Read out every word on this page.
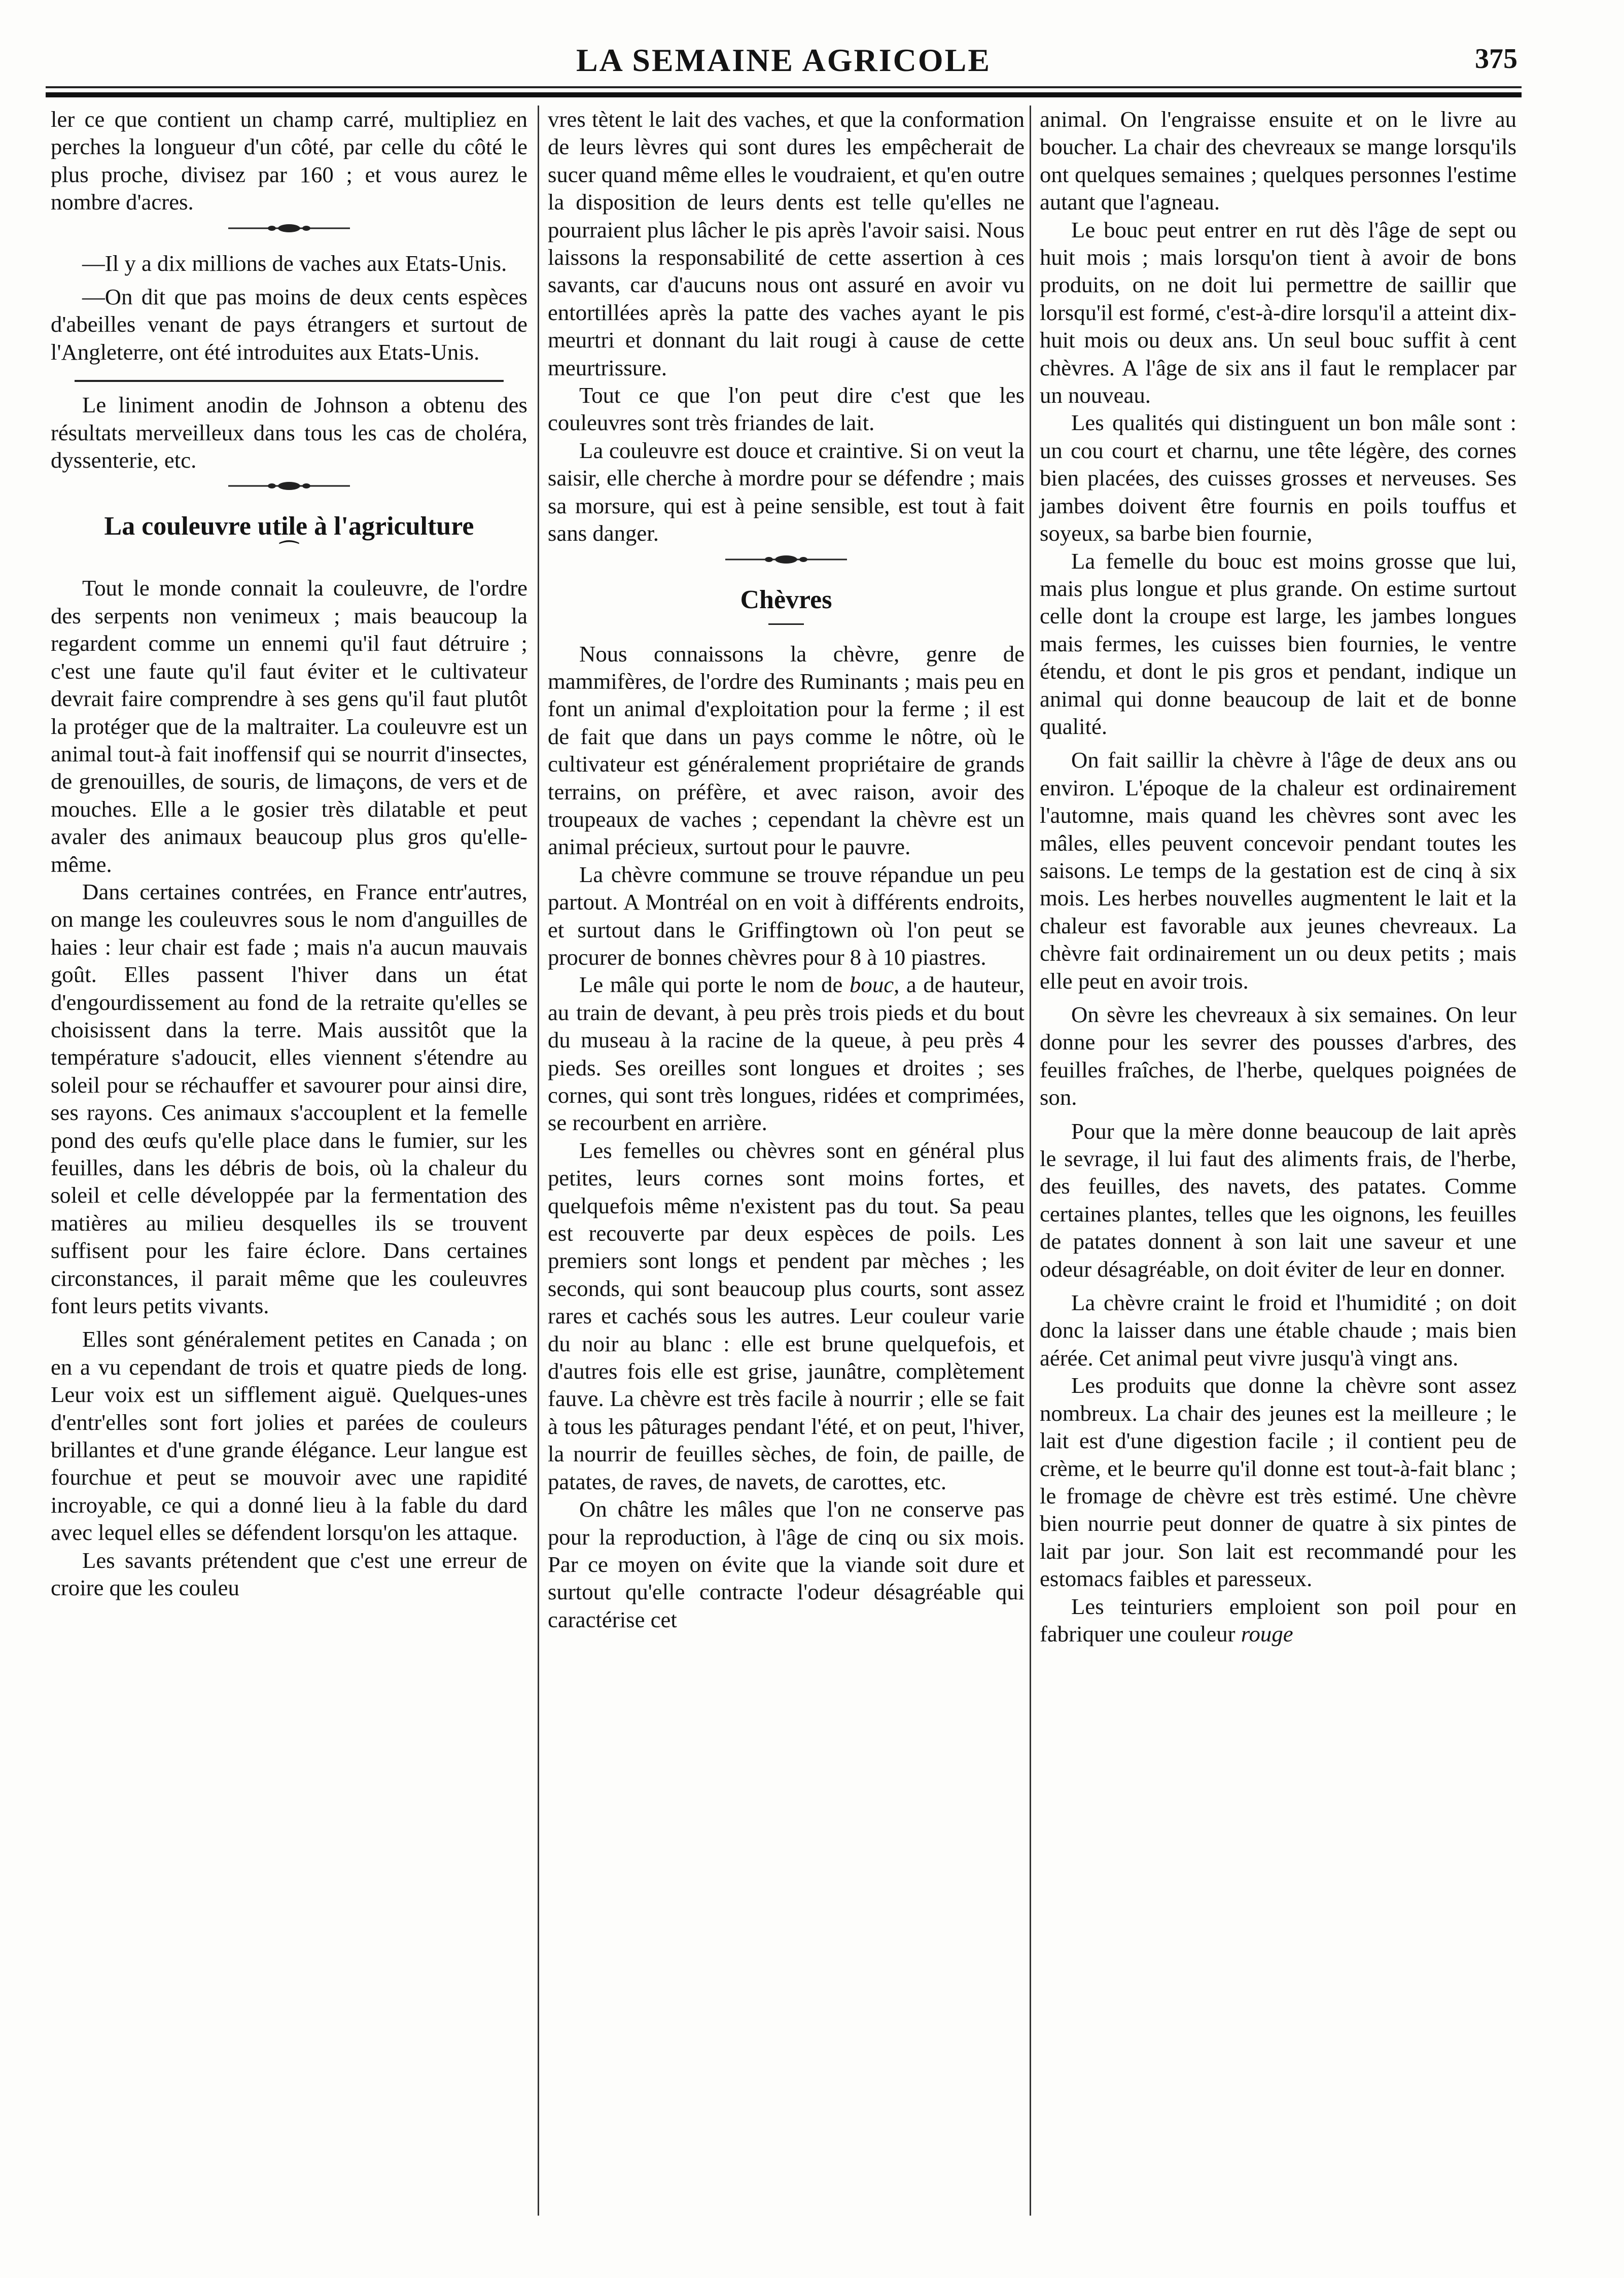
LA SEMAINE AGRICOLE	375

ler ce que contient un champ carré, multipliez en perches la longueur d'un côté, par celle du côté le plus proche, divisez par 160 ; et vous aurez le nombre d'acres.

—Il y a dix millions de vaches aux Etats-Unis.

—On dit que pas moins de deux cents espèces d'abeilles venant de pays étrangers et surtout de l'Angleterre, ont été introduites aux Etats-Unis.

Le liniment anodin de Johnson a obtenu des résultats merveilleux dans tous les cas de choléra, dyssenterie, etc.

La couleuvre utile à l'agriculture
⁀

Tout le monde connait la couleuvre, de l'ordre des serpents non venimeux ; mais beaucoup la regardent comme un ennemi qu'il faut détruire ; c'est une faute qu'il faut éviter et le cultivateur devrait faire comprendre à ses gens qu'il faut plutôt la protéger que de la maltraiter. La couleuvre est un animal tout-à fait inoffensif qui se nourrit d'insectes, de grenouilles, de souris, de limaçons, de vers et de mouches. Elle a le gosier très dilatable et peut avaler des animaux beaucoup plus gros qu'elle-même.

Dans certaines contrées, en France entr'autres, on mange les couleuvres sous le nom d'anguilles de haies : leur chair est fade ; mais n'a aucun mauvais goût. Elles passent l'hiver dans un état d'engourdissement au fond de la retraite qu'elles se choisissent dans la terre. Mais aussitôt que la température s'adoucit, elles viennent s'étendre au soleil pour se réchauffer et savourer pour ainsi dire, ses rayons. Ces animaux s'accouplent et la femelle pond des œufs qu'elle place dans le fumier, sur les feuilles, dans les débris de bois, où la chaleur du soleil et celle développée par la fermentation des matières au milieu desquelles ils se trouvent suffisent pour les faire éclore. Dans certaines circonstances, il parait même que les couleuvres font leurs petits vivants.

Elles sont généralement petites en Canada ; on en a vu cependant de trois et quatre pieds de long. Leur voix est un sifflement aiguë. Quelques-unes d'entr'elles sont fort jolies et parées de couleurs brillantes et d'une grande élégance. Leur langue est fourchue et peut se mouvoir avec une rapidité incroyable, ce qui a donné lieu à la fable du dard avec lequel elles se défendent lorsqu'on les attaque.

Les savants prétendent que c'est une erreur de croire que les couleu

vres tètent le lait des vaches, et que la conformation de leurs lèvres qui sont dures les empêcherait de sucer quand même elles le voudraient, et qu'en outre la disposition de leurs dents est telle qu'elles ne pourraient plus lâcher le pis après l'avoir saisi. Nous laissons la responsabilité de cette assertion à ces savants, car d'aucuns nous ont assuré en avoir vu entortillées après la patte des vaches ayant le pis meurtri et donnant du lait rougi à cause de cette meurtrissure.

Tout ce que l'on peut dire c'est que les couleuvres sont très friandes de lait.

La couleuvre est douce et craintive. Si on veut la saisir, elle cherche à mordre pour se défendre ; mais sa morsure, qui est à peine sensible, est tout à fait sans danger.

Chèvres

Nous connaissons la chèvre, genre de mammifères, de l'ordre des Ruminants ; mais peu en font un animal d'exploitation pour la ferme ; il est de fait que dans un pays comme le nôtre, où le cultivateur est généralement propriétaire de grands terrains, on préfère, et avec raison, avoir des troupeaux de vaches ; cependant la chèvre est un animal précieux, surtout pour le pauvre.

La chèvre commune se trouve répandue un peu partout. A Montréal on en voit à différents endroits, et surtout dans le Griffingtown où l'on peut se procurer de bonnes chèvres pour 8 à 10 piastres.

Le mâle qui porte le nom de bouc, a de hauteur, au train de devant, à peu près trois pieds et du bout du museau à la racine de la queue, à peu près 4 pieds. Ses oreilles sont longues et droites ; ses cornes, qui sont très longues, ridées et comprimées, se recourbent en arrière.

Les femelles ou chèvres sont en général plus petites, leurs cornes sont moins fortes, et quelquefois même n'existent pas du tout. Sa peau est recouverte par deux espèces de poils. Les premiers sont longs et pendent par mèches ; les seconds, qui sont beaucoup plus courts, sont assez rares et cachés sous les autres. Leur couleur varie du noir au blanc : elle est brune quelquefois, et d'autres fois elle est grise, jaunâtre, complètement fauve. La chèvre est très facile à nourrir ; elle se fait à tous les pâturages pendant l'été, et on peut, l'hiver, la nourrir de feuilles sèches, de foin, de paille, de patates, de raves, de navets, de carottes, etc.

On châtre les mâles que l'on ne conserve pas pour la reproduction, à l'âge de cinq ou six mois. Par ce moyen on évite que la viande soit dure et surtout qu'elle contracte l'odeur désagréable qui caractérise cet

animal. On l'engraisse ensuite et on le livre au boucher. La chair des chevreaux se mange lorsqu'ils ont quelques semaines ; quelques personnes l'estime autant que l'agneau.

Le bouc peut entrer en rut dès l'âge de sept ou huit mois ; mais lorsqu'on tient à avoir de bons produits, on ne doit lui permettre de saillir que lorsqu'il est formé, c'est-à-dire lorsqu'il a atteint dix-huit mois ou deux ans. Un seul bouc suffit à cent chèvres. A l'âge de six ans il faut le remplacer par un nouveau.

Les qualités qui distinguent un bon mâle sont : un cou court et charnu, une tête légère, des cornes bien placées, des cuisses grosses et nerveuses. Ses jambes doivent être fournis en poils touffus et soyeux, sa barbe bien fournie,

La femelle du bouc est moins grosse que lui, mais plus longue et plus grande. On estime surtout celle dont la croupe est large, les jambes longues mais fermes, les cuisses bien fournies, le ventre étendu, et dont le pis gros et pendant, indique un animal qui donne beaucoup de lait et de bonne qualité.

On fait saillir la chèvre à l'âge de deux ans ou environ. L'époque de la chaleur est ordinairement l'automne, mais quand les chèvres sont avec les mâles, elles peuvent concevoir pendant toutes les saisons. Le temps de la gestation est de cinq à six mois. Les herbes nouvelles augmentent le lait et la chaleur est favorable aux jeunes chevreaux. La chèvre fait ordinairement un ou deux petits ; mais elle peut en avoir trois.

On sèvre les chevreaux à six semaines. On leur donne pour les sevrer des pousses d'arbres, des feuilles fraîches, de l'herbe, quelques poignées de son.

Pour que la mère donne beaucoup de lait après le sevrage, il lui faut des aliments frais, de l'herbe, des feuilles, des navets, des patates. Comme certaines plantes, telles que les oignons, les feuilles de patates donnent à son lait une saveur et une odeur désagréable, on doit éviter de leur en donner.

La chèvre craint le froid et l'humidité ; on doit donc la laisser dans une étable chaude ; mais bien aérée. Cet animal peut vivre jusqu'à vingt ans.

Les produits que donne la chèvre sont assez nombreux. La chair des jeunes est la meilleure ; le lait est d'une digestion facile ; il contient peu de crème, et le beurre qu'il donne est tout-à-fait blanc ; le fromage de chèvre est très estimé. Une chèvre bien nourrie peut donner de quatre à six pintes de lait par jour. Son lait est recommandé pour les estomacs faibles et paresseux.

Les teinturiers emploient son poil pour en fabriquer une couleur rouge
